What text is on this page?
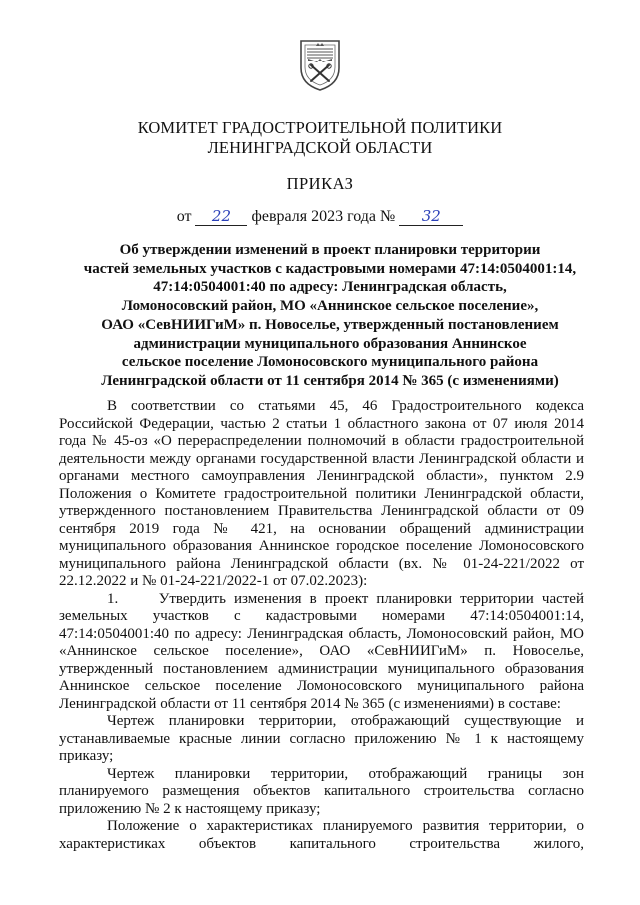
КОМИТЕТ ГРАДОСТРОИТЕЛЬНОЙ ПОЛИТИКИ
ЛЕНИНГРАДСКОЙ ОБЛАСТИ
ПРИКАЗ
от 22 февраля 2023 года № 32
Об утверждении изменений в проект планировки территории
частей земельных участков с кадастровыми номерами 47:14:0504001:14,
47:14:0504001:40 по адресу: Ленинградская область,
Ломоносовский район, МО «Аннинское сельское поселение»,
ОАО «СевНИИГиМ» п. Новоселье, утвержденный постановлением
администрации муниципального образования Аннинское
сельское поселение Ломоносовского муниципального района
Ленинградской области от 11 сентября 2014 № 365 (с изменениями)

В соответствии со статьями 45, 46 Градостроительного кодекса Российской Федерации, частью 2 статьи 1 областного закона от 07 июля 2014 года № 45-оз «О перераспределении полномочий в области градостроительной деятельности между органами государственной власти Ленинградской области и органами местного самоуправления Ленинградской области», пунктом 2.9 Положения о Комитете градостроительной политики Ленинградской области, утвержденного постановлением Правительства Ленинградской области от 09 сентября 2019 года № 421, на основании обращений администрации муниципального образования Аннинское городское поселение Ломоносовского муниципального района Ленинградской области (вх. № 01-24-221/2022 от 22.12.2022 и № 01-24-221/2022-1 от 07.02.2023):

1.     Утвердить изменения в проект планировки территории частей земельных участков с кадастровыми номерами 47:14:0504001:14, 47:14:0504001:40 по адресу: Ленинградская область, Ломоносовский район, МО «Аннинское сельское поселение», ОАО «СевНИИГиМ» п. Новоселье, утвержденный постановлением администрации муниципального образования Аннинское сельское поселение Ломоносовского муниципального района Ленинградской области от 11 сентября 2014 № 365 (с изменениями) в составе:

Чертеж планировки территории, отображающий существующие и устанавливаемые красные линии согласно приложению № 1 к настоящему приказу;

Чертеж планировки территории, отображающий границы зон планируемого размещения объектов капитального строительства согласно приложению № 2 к настоящему приказу;

Положение о характеристиках планируемого развития территории, о характеристиках объектов капитального строительства жилого,
